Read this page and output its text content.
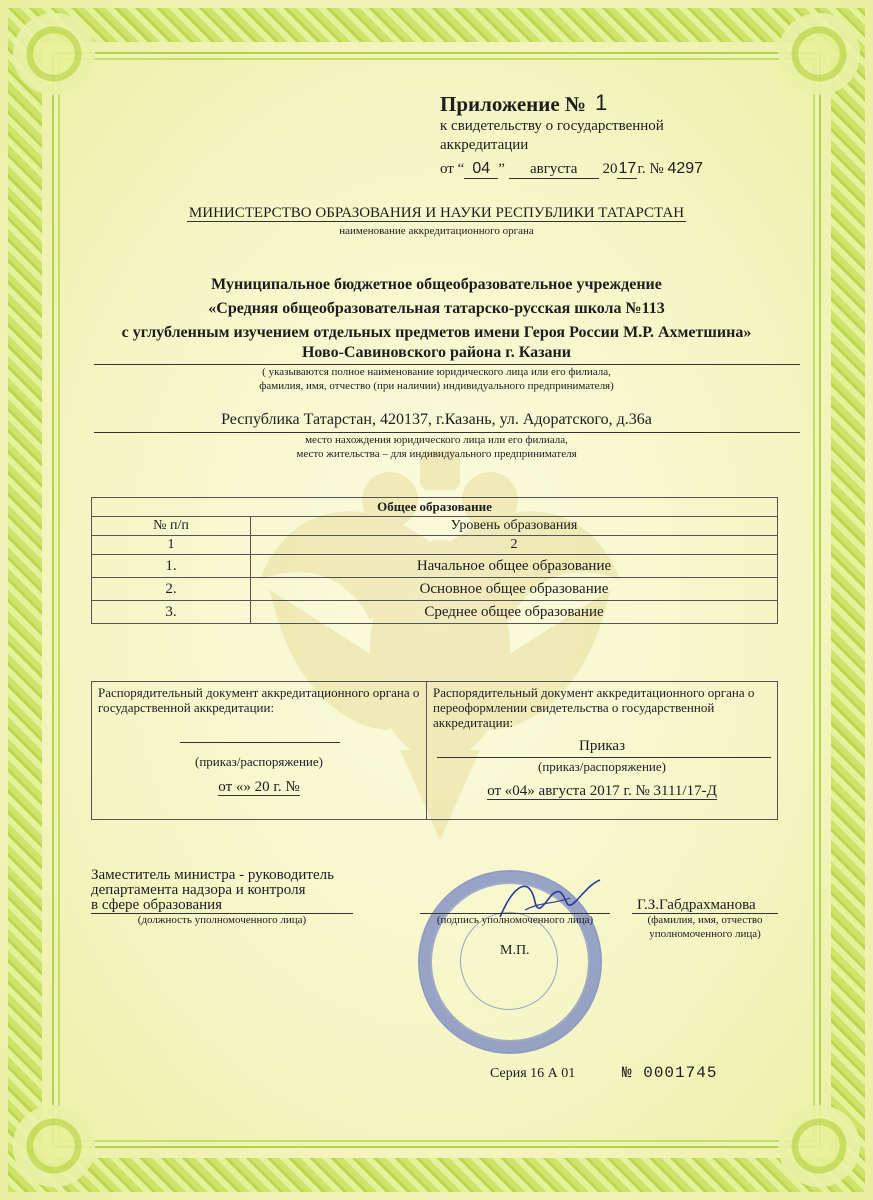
Приложение № 1
к свидетельству о государственной
аккредитации
от “ 04 ” августа 2017г. № 4297
МИНИСТЕРСТВО ОБРАЗОВАНИЯ И НАУКИ РЕСПУБЛИКИ ТАТАРСТАН
наименование аккредитационного органа
Муниципальное бюджетное общеобразовательное учреждение
«Средняя общеобразовательная татарско-русская школа №113
с углубленным изучением отдельных предметов имени Героя России М.Р. Ахметшина»
Ново-Савиновского района г. Казани
( указываются полное наименование юридического лица или его филиала,
фамилия, имя, отчество (при наличии) индивидуального предпринимателя)
Республика Татарстан, 420137, г.Казань, ул. Адоратского, д.36а
место нахождения юридического лица или его филиала,
место жительства – для индивидуального предпринимателя
Общее образование	
№ п/п	Уровень образования
1	2
1.	Начальное общее образование
2.	Основное общее образование
3.	Среднее общее образование
Распорядительный документ аккредитационного органа о государственной аккредитации:
(приказ/распоряжение)
от «» 20 г. №
Распорядительный документ аккредитационного органа о переоформлении свидетельства о государственной аккредитации:
Приказ
(приказ/распоряжение)
от «04» августа 2017 г. № 3111/17-Д
Заместитель министра - руководитель
департамента надзора и контроля
в сфере образования
(должность уполномоченного лица)	(подпись уполномоченного лица)
Г.З.Габдрахманова
(фамилия, имя, отчество
уполномоченного лица)
М.П.
Серия 16 А 01	№ 0001745
